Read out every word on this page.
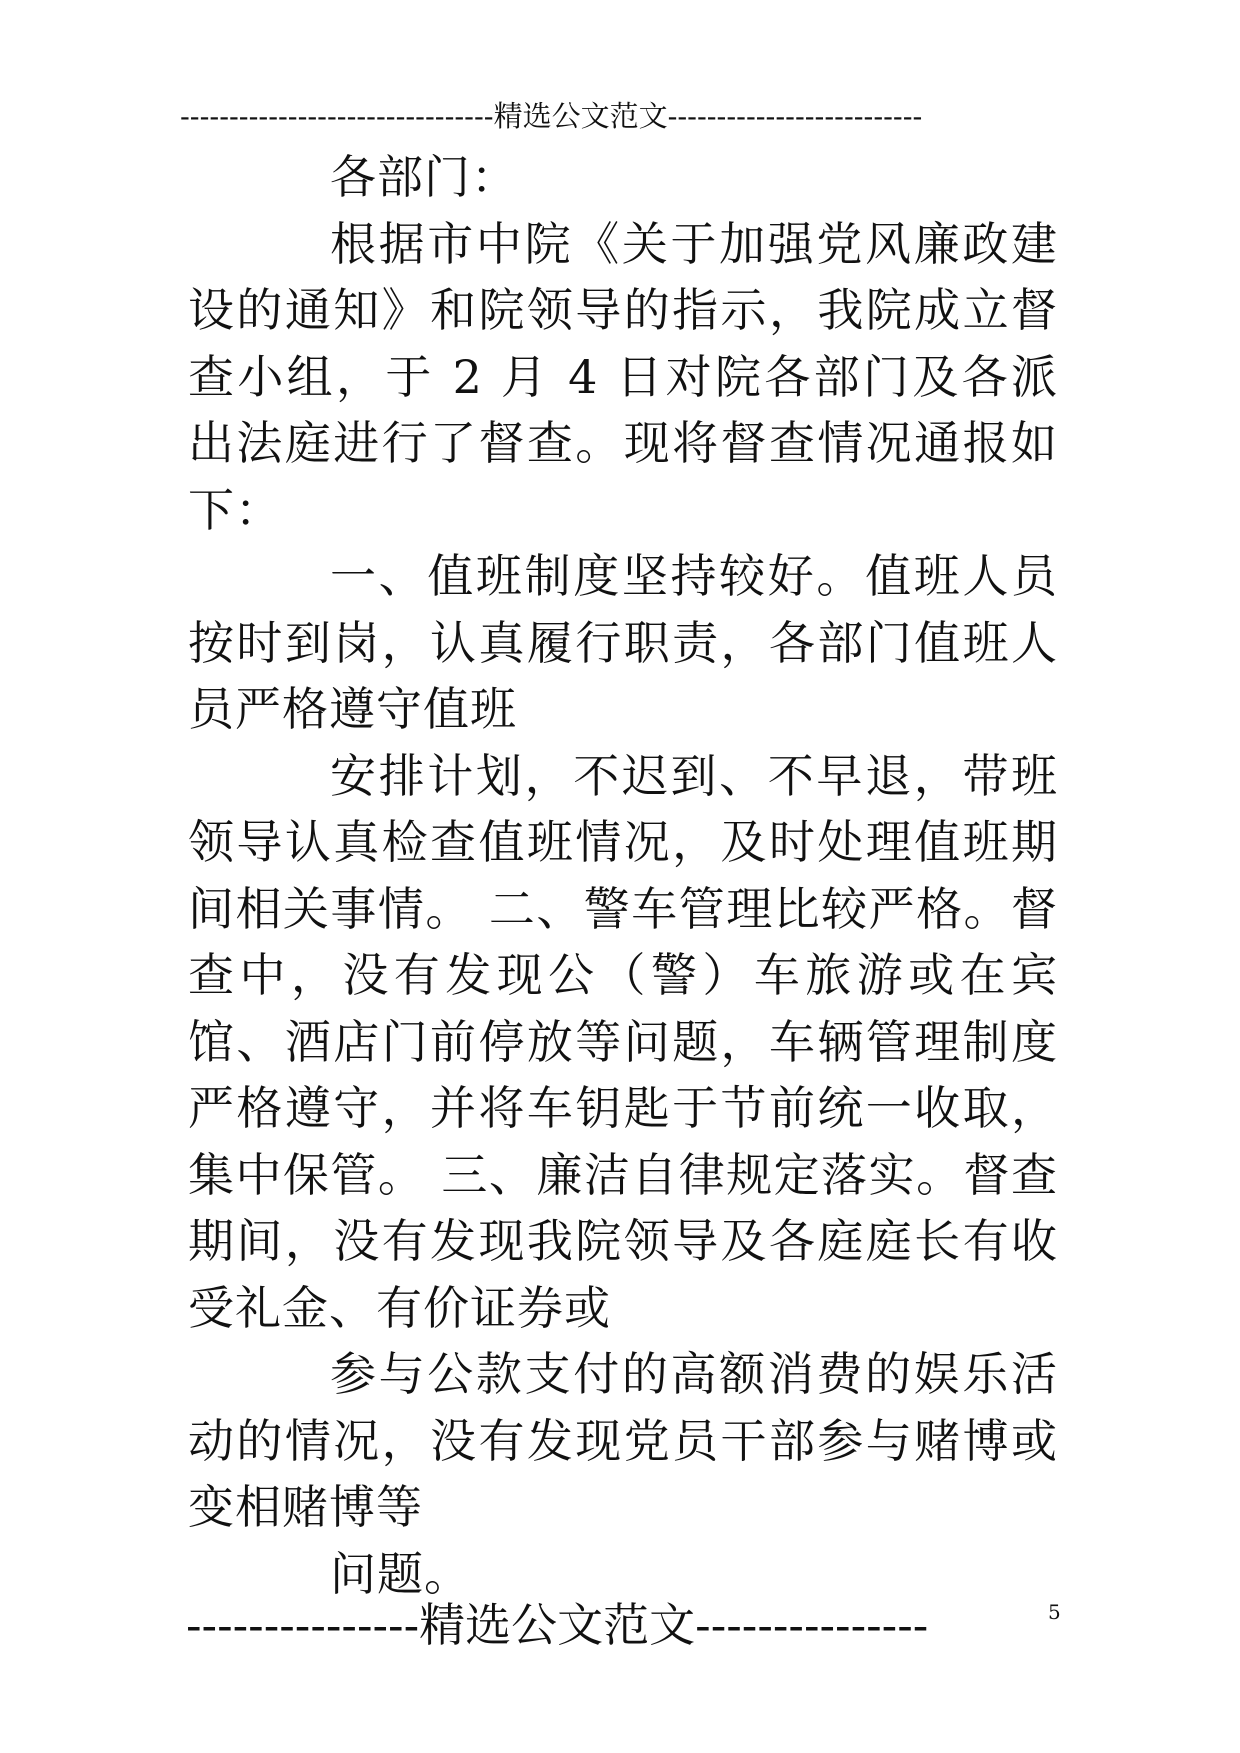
--------------------------------精选公文范文--------------------------

各部门：

根据市中院《关于加强党风廉政建设的通知》和院领导的指示，我院成立督查小组，于 2 月 4 日对院各部门及各派出法庭进行了督查。现将督查情况通报如下：

一、值班制度坚持较好。值班人员按时到岗，认真履行职责，各部门值班人员严格遵守值班

安排计划，不迟到、不早退，带班领导认真检查值班情况，及时处理值班期间相关事情。 二、警车管理比较严格。督查中，没有发现公（警）车旅游或在宾馆、酒店门前停放等问题，车辆管理制度严格遵守，并将车钥匙于节前统一收取，集中保管。 三、廉洁自律规定落实。督查期间，没有发现我院领导及各庭庭长有收受礼金、有价证券或

参与公款支付的高额消费的娱乐活动的情况，没有发现党员干部参与赌博或变相赌博等

问题。

---------------精选公文范文---------------	5
